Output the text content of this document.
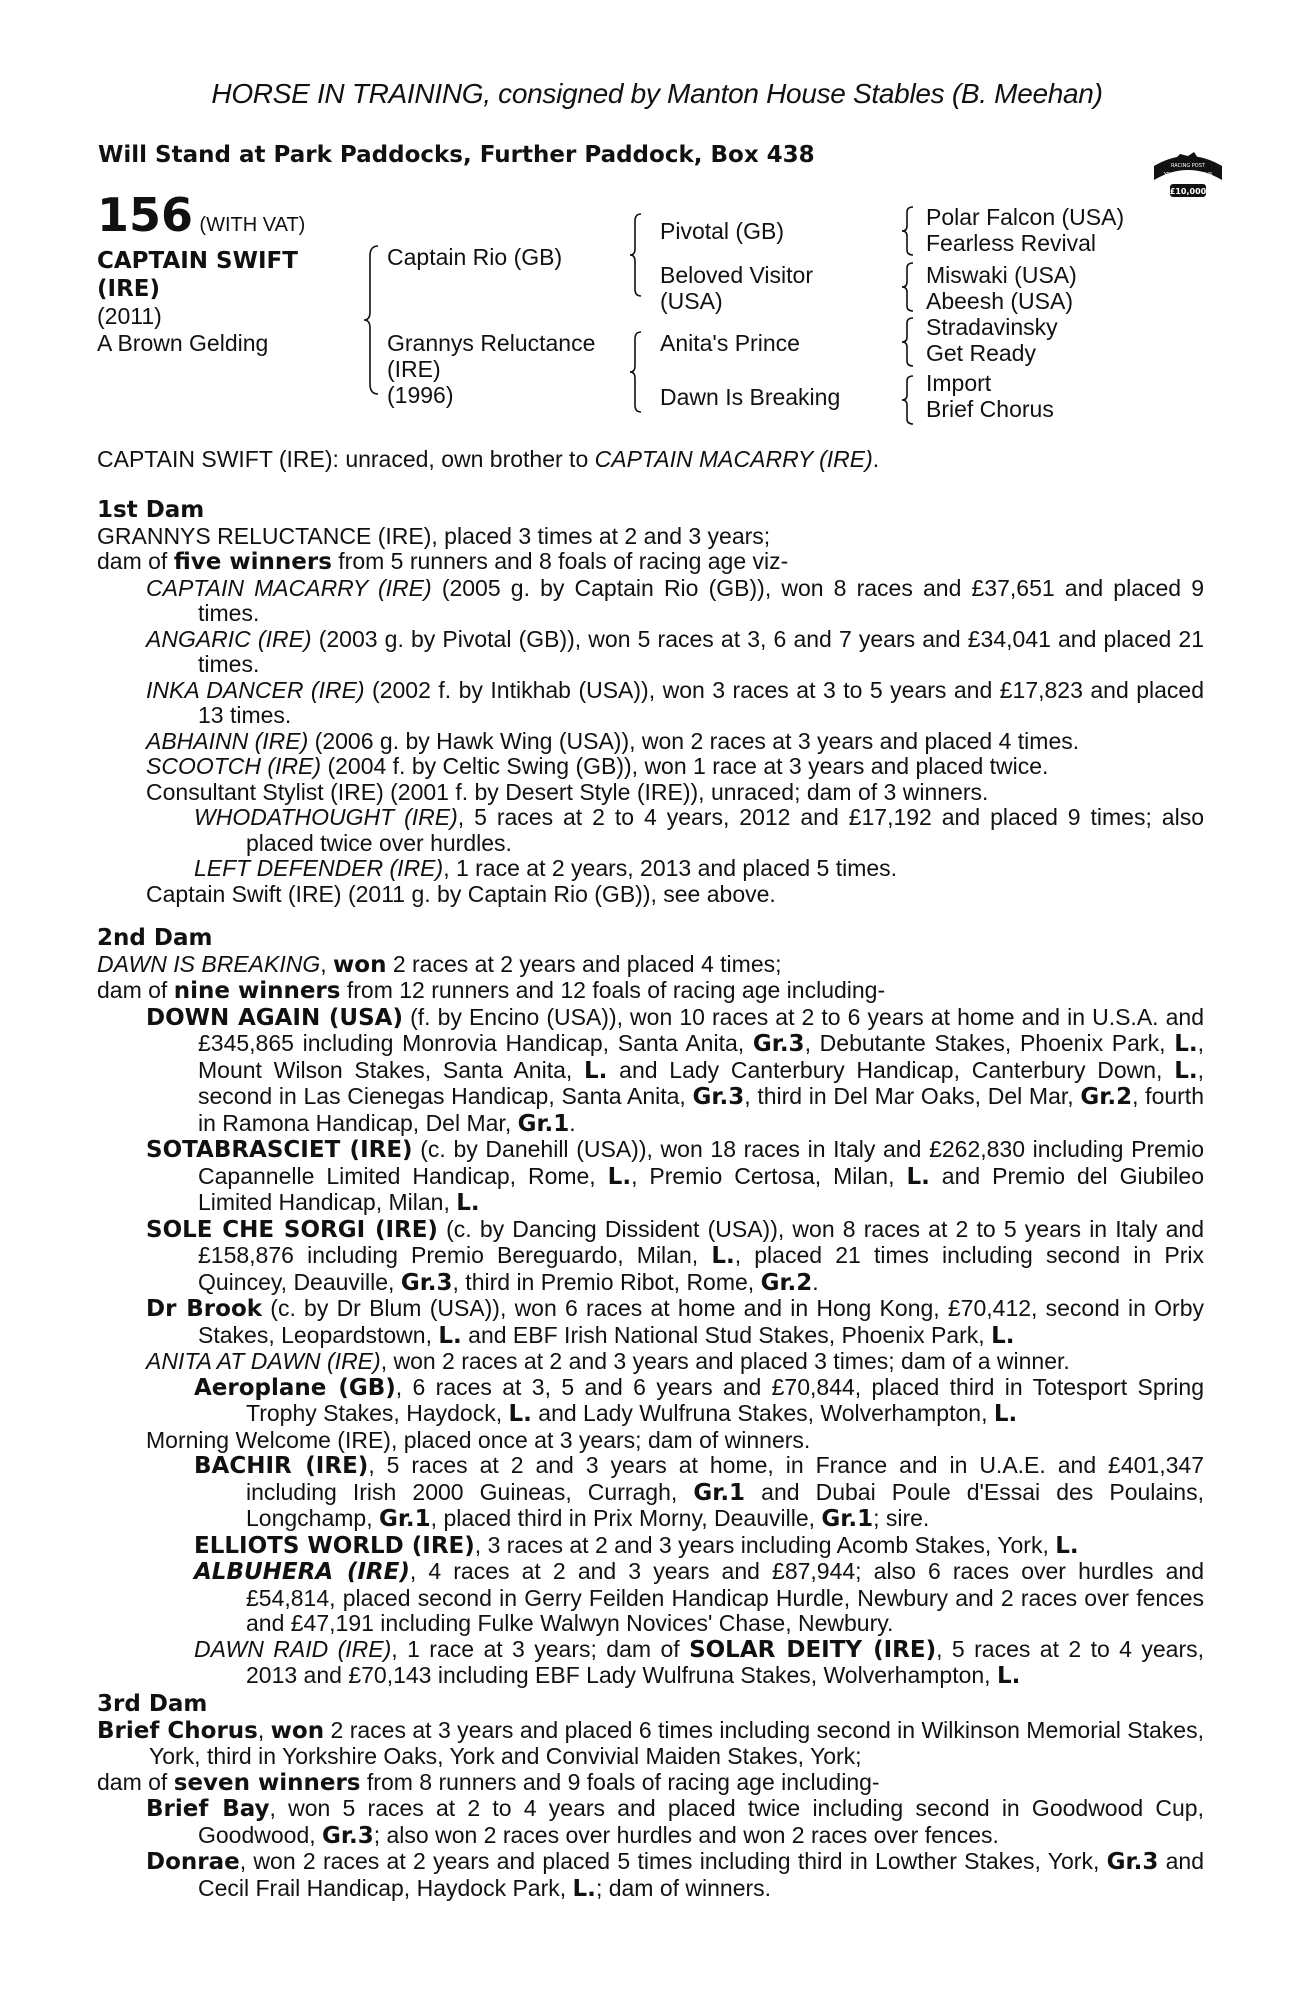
HORSE IN TRAINING, consigned by Manton House Stables (B. Meehan)
Will Stand at Park Paddocks, Further Paddock, Box 438	RACING POST
YEARLING BONUS
£10,000
156 (WITH VAT)
CAPTAIN SWIFT
(IRE)
(2011)
A Brown Gelding
Captain Rio (GB)
Grannys Reluctance
(IRE)
(1996)
Pivotal (GB)
Beloved Visitor
(USA)
Anita's Prince
Dawn Is Breaking
Polar Falcon (USA)
Fearless Revival
Miswaki (USA)
Abeesh (USA)
Stradavinsky
Get Ready
Import
Brief Chorus
CAPTAIN SWIFT (IRE): unraced, own brother to CAPTAIN MACARRY (IRE).
1st Dam
GRANNYS RELUCTANCE (IRE), placed 3 times at 2 and 3 years;
dam of five winners from 5 runners and 8 foals of racing age viz-
CAPTAIN MACARRY (IRE) (2005 g. by Captain Rio (GB)), won 8 races and £37,651 and placed 9 times.
ANGARIC (IRE) (2003 g. by Pivotal (GB)), won 5 races at 3, 6 and 7 years and £34,041 and placed 21 times.
INKA DANCER (IRE) (2002 f. by Intikhab (USA)), won 3 races at 3 to 5 years and £17,823 and placed 13 times.
ABHAINN (IRE) (2006 g. by Hawk Wing (USA)), won 2 races at 3 years and placed 4 times.
SCOOTCH (IRE) (2004 f. by Celtic Swing (GB)), won 1 race at 3 years and placed twice.
Consultant Stylist (IRE) (2001 f. by Desert Style (IRE)), unraced; dam of 3 winners.
WHODATHOUGHT (IRE), 5 races at 2 to 4 years, 2012 and £17,192 and placed 9 times; also placed twice over hurdles.
LEFT DEFENDER (IRE), 1 race at 2 years, 2013 and placed 5 times.
Captain Swift (IRE) (2011 g. by Captain Rio (GB)), see above.
2nd Dam
DAWN IS BREAKING, won 2 races at 2 years and placed 4 times;
dam of nine winners from 12 runners and 12 foals of racing age including-
DOWN AGAIN (USA) (f. by Encino (USA)), won 10 races at 2 to 6 years at home and in U.S.A. and £345,865 including Monrovia Handicap, Santa Anita, Gr.3, Debutante Stakes, Phoenix Park, L., Mount Wilson Stakes, Santa Anita, L. and Lady Canterbury Handicap, Canterbury Down, L., second in Las Cienegas Handicap, Santa Anita, Gr.3, third in Del Mar Oaks, Del Mar, Gr.2, fourth in Ramona Handicap, Del Mar, Gr.1.
SOTABRASCIET (IRE) (c. by Danehill (USA)), won 18 races in Italy and £262,830 including Premio Capannelle Limited Handicap, Rome, L., Premio Certosa, Milan, L. and Premio del Giubileo Limited Handicap, Milan, L.
SOLE CHE SORGI (IRE) (c. by Dancing Dissident (USA)), won 8 races at 2 to 5 years in Italy and £158,876 including Premio Bereguardo, Milan, L., placed 21 times including second in Prix Quincey, Deauville, Gr.3, third in Premio Ribot, Rome, Gr.2.
Dr Brook (c. by Dr Blum (USA)), won 6 races at home and in Hong Kong, £70,412, second in Orby Stakes, Leopardstown, L. and EBF Irish National Stud Stakes, Phoenix Park, L.
ANITA AT DAWN (IRE), won 2 races at 2 and 3 years and placed 3 times; dam of a winner.
Aeroplane (GB), 6 races at 3, 5 and 6 years and £70,844, placed third in Totesport Spring Trophy Stakes, Haydock, L. and Lady Wulfruna Stakes, Wolverhampton, L.
Morning Welcome (IRE), placed once at 3 years; dam of winners.
BACHIR (IRE), 5 races at 2 and 3 years at home, in France and in U.A.E. and £401,347 including Irish 2000 Guineas, Curragh, Gr.1 and Dubai Poule d'Essai des Poulains, Longchamp, Gr.1, placed third in Prix Morny, Deauville, Gr.1; sire.
ELLIOTS WORLD (IRE), 3 races at 2 and 3 years including Acomb Stakes, York, L.
ALBUHERA (IRE), 4 races at 2 and 3 years and £87,944; also 6 races over hurdles and £54,814, placed second in Gerry Feilden Handicap Hurdle, Newbury and 2 races over fences and £47,191 including Fulke Walwyn Novices' Chase, Newbury.
DAWN RAID (IRE), 1 race at 3 years; dam of SOLAR DEITY (IRE), 5 races at 2 to 4 years, 2013 and £70,143 including EBF Lady Wulfruna Stakes, Wolverhampton, L.
3rd Dam
Brief Chorus, won 2 races at 3 years and placed 6 times including second in Wilkinson Memorial Stakes, York, third in Yorkshire Oaks, York and Convivial Maiden Stakes, York;
dam of seven winners from 8 runners and 9 foals of racing age including-
Brief Bay, won 5 races at 2 to 4 years and placed twice including second in Goodwood Cup, Goodwood, Gr.3; also won 2 races over hurdles and won 2 races over fences.
Donrae, won 2 races at 2 years and placed 5 times including third in Lowther Stakes, York, Gr.3 and Cecil Frail Handicap, Haydock Park, L.; dam of winners.
